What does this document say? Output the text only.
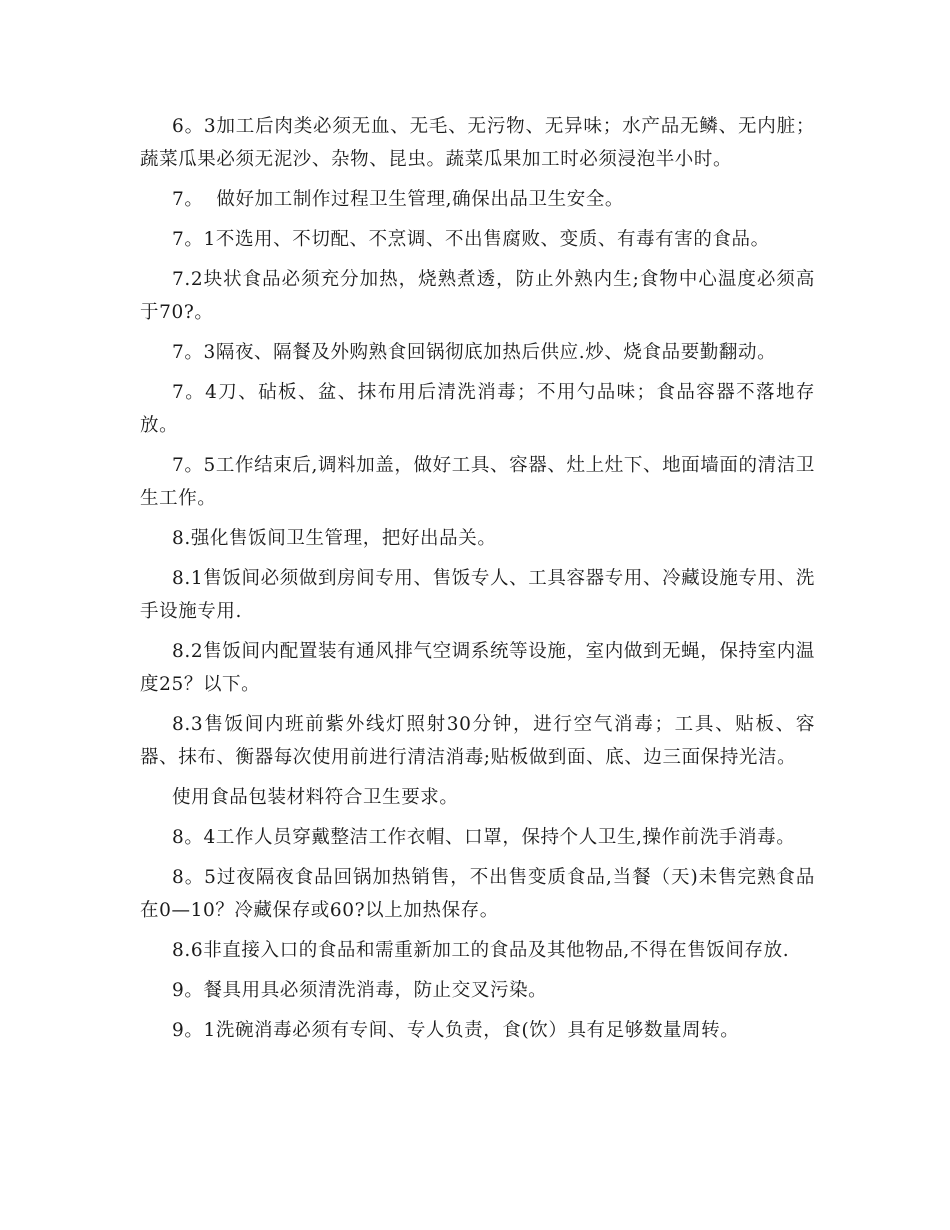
6。3加工后肉类必须无血、无毛、无污物、无异味；水产品无鳞、无内脏；蔬菜瓜果必须无泥沙、杂物、昆虫。蔬菜瓜果加工时必须浸泡半小时。

7。  做好加工制作过程卫生管理,确保出品卫生安全。

7。1不选用、不切配、不烹调、不出售腐败、变质、有毒有害的食品。

7.2块状食品必须充分加热，烧熟煮透，防止外熟内生;食物中心温度必须高于70?。

7。3隔夜、隔餐及外购熟食回锅彻底加热后供应.炒、烧食品要勤翻动。

7。4刀、砧板、盆、抹布用后清洗消毒；不用勺品味；食品容器不落地存放。

7。5工作结束后,调料加盖，做好工具、容器、灶上灶下、地面墙面的清洁卫生工作。

8.强化售饭间卫生管理，把好出品关。

8.1售饭间必须做到房间专用、售饭专人、工具容器专用、冷藏设施专用、洗手设施专用.

8.2售饭间内配置装有通风排气空调系统等设施，室内做到无蝇，保持室内温度25？以下。

8.3售饭间内班前紫外线灯照射30分钟，进行空气消毒；工具、贴板、容器、抹布、衡器每次使用前进行清洁消毒;贴板做到面、底、边三面保持光洁。

使用食品包装材料符合卫生要求。

8。4工作人员穿戴整洁工作衣帽、口罩，保持个人卫生,操作前洗手消毒。

8。5过夜隔夜食品回锅加热销售，不出售变质食品,当餐（天)未售完熟食品在0—10？冷藏保存或60?以上加热保存。

8.6非直接入口的食品和需重新加工的食品及其他物品,不得在售饭间存放.

9。餐具用具必须清洗消毒，防止交叉污染。

9。1洗碗消毒必须有专间、专人负责，食(饮）具有足够数量周转。
